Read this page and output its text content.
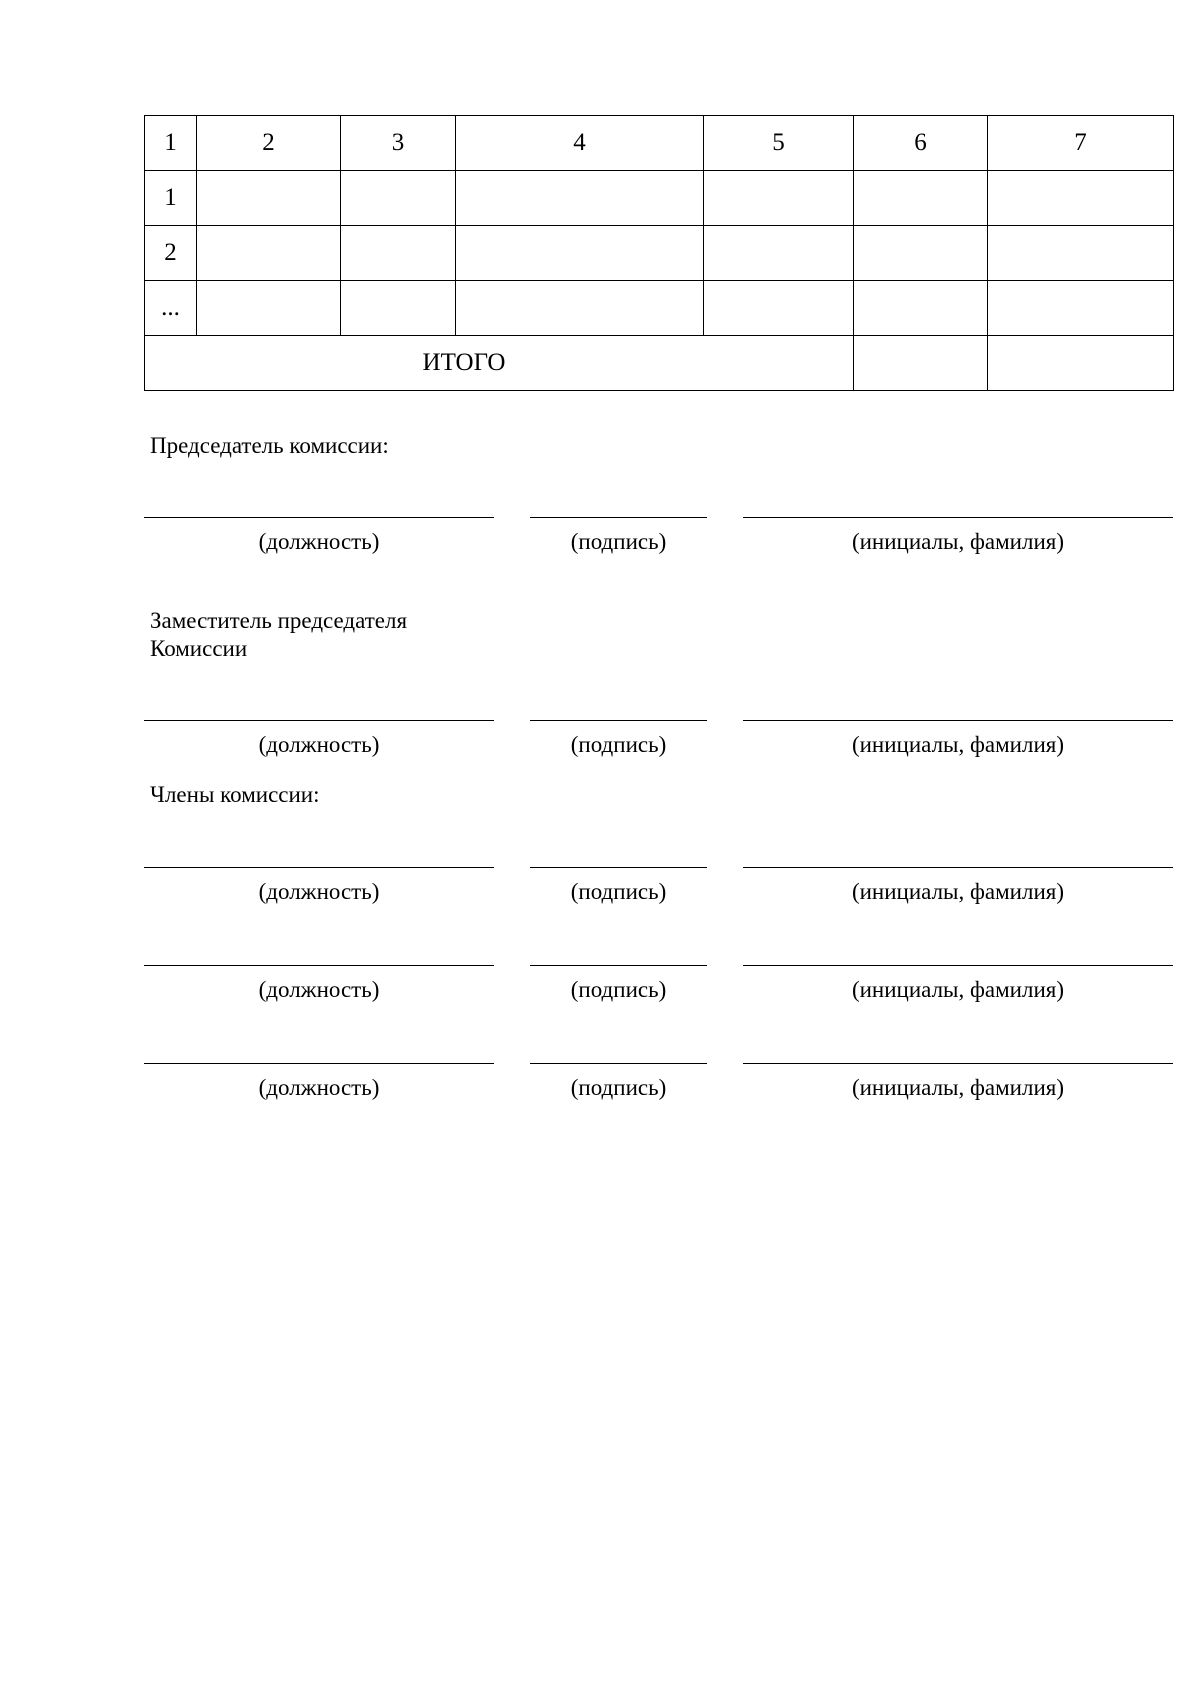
1	2	3	4	5	6	7
1						
2						
...						
ИТОГО						

Председатель комиссии:

(должность)	(подпись)	(инициалы, фамилия)

Заместитель председателя

Комиссии

(должность)	(подпись)	(инициалы, фамилия)

Члены комиссии:

(должность)	(подпись)	(инициалы, фамилия)
(должность)	(подпись)	(инициалы, фамилия)
(должность)	(подпись)	(инициалы, фамилия)
